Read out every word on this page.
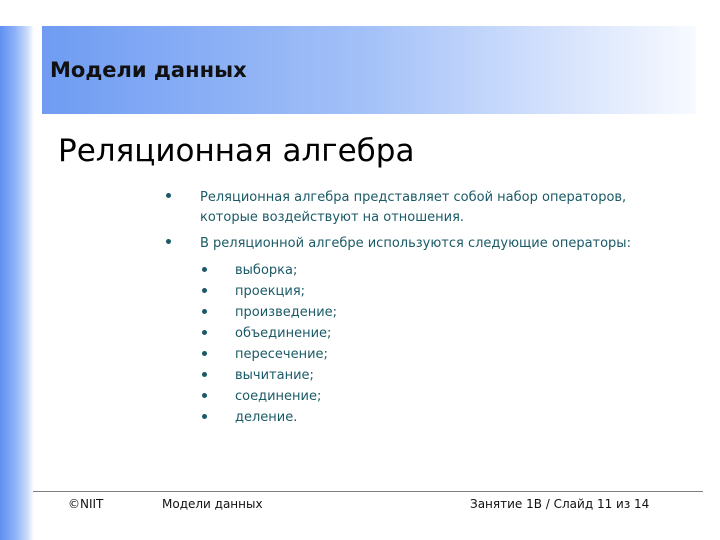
Модели данных
Реляционная алгебра
Реляционная алгебра представляет собой набор операторов, которые воздействуют на отношения.
В реляционной алгебре используются следующие операторы:
выборка;
проекция;
произведение;
объединение;
пересечение;
вычитание;
соединение;
деление.
©NIIT	Модели данных	Занятие 1В / Слайд 11 из 14
